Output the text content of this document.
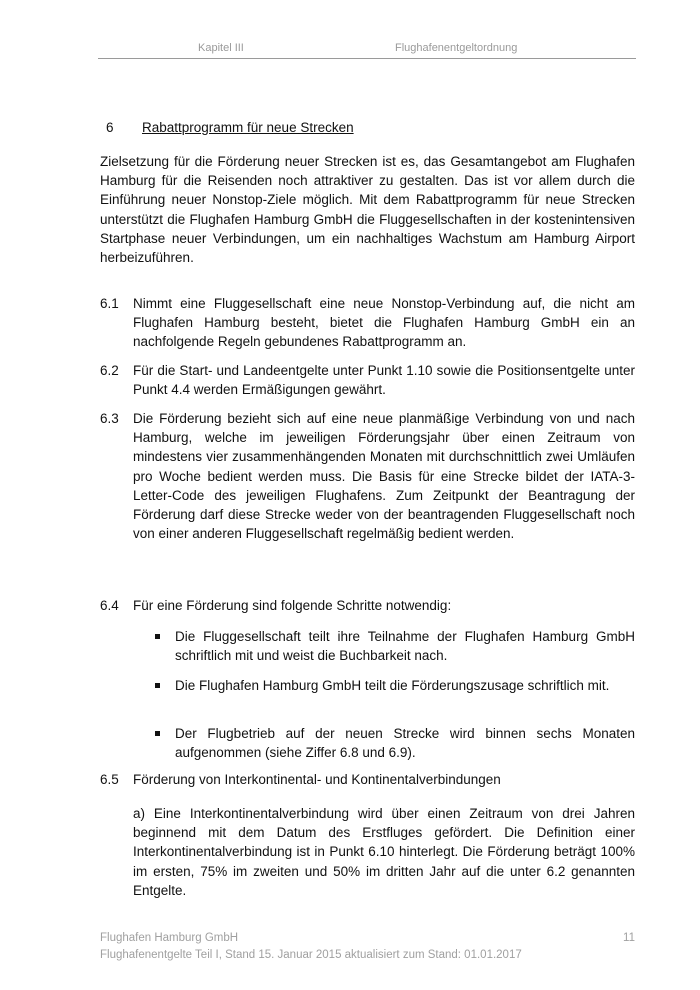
Kapitel III	Flughafenentgeltordnung
6 Rabattprogramm für neue Strecken

Zielsetzung für die Förderung neuer Strecken ist es, das Gesamtangebot am Flughafen Hamburg für die Reisenden noch attraktiver zu gestalten. Das ist vor allem durch die Einführung neuer Nonstop-Ziele möglich. Mit dem Rabattprogramm für neue Strecken unterstützt die Flughafen Hamburg GmbH die Fluggesellschaften in der kostenintensiven Startphase neuer Verbindungen, um ein nachhaltiges Wachstum am Hamburg Airport herbeizuführen.

6.1 Nimmt eine Fluggesellschaft eine neue Nonstop-Verbindung auf, die nicht am Flughafen Hamburg besteht, bietet die Flughafen Hamburg GmbH ein an nachfolgende Regeln gebundenes Rabattprogramm an.
6.2 Für die Start- und Landeentgelte unter Punkt 1.10 sowie die Positionsentgelte unter Punkt 4.4 werden Ermäßigungen gewährt.
6.3 Die Förderung bezieht sich auf eine neue planmäßige Verbindung von und nach Hamburg, welche im jeweiligen Förderungsjahr über einen Zeitraum von mindestens vier zusammenhängenden Monaten mit durchschnittlich zwei Umläufen pro Woche bedient werden muss. Die Basis für eine Strecke bildet der IATA-3-Letter-Code des jeweiligen Flughafens. Zum Zeitpunkt der Beantragung der Förderung darf diese Strecke weder von der beantragenden Fluggesellschaft noch von einer anderen Fluggesellschaft regelmäßig bedient werden.
6.4 Für eine Förderung sind folgende Schritte notwendig:
Die Fluggesellschaft teilt ihre Teilnahme der Flughafen Hamburg GmbH schriftlich mit und weist die Buchbarkeit nach.
Die Flughafen Hamburg GmbH teilt die Förderungszusage schriftlich mit.
Der Flugbetrieb auf der neuen Strecke wird binnen sechs Monaten aufgenommen (siehe Ziffer 6.8 und 6.9).
6.5 Förderung von Interkontinental- und Kontinentalverbindungen
a) Eine Interkontinentalverbindung wird über einen Zeitraum von drei Jahren beginnend mit dem Datum des Erstfluges gefördert. Die Definition einer Interkontinentalverbindung ist in Punkt 6.10 hinterlegt. Die Förderung beträgt 100% im ersten, 75% im zweiten und 50% im dritten Jahr auf die unter 6.2 genannten Entgelte.
Flughafen Hamburg GmbH	11
Flughafenentgelte Teil I, Stand 15. Januar 2015 aktualisiert zum Stand: 01.01.2017
